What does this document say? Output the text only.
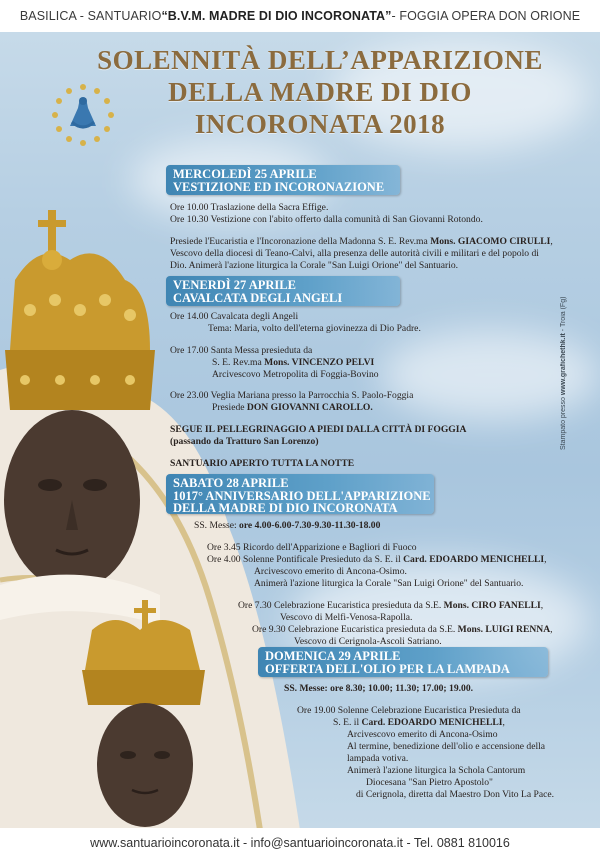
BASILICA - SANTUARIO “B.V.M. MADRE DI DIO INCORONATA” - FOGGIA OPERA DON ORIONE
SOLENNITÀ DELL’APPARIZIONE
DELLA MADRE DI DIO
INCORONATA 2018
MERCOLEDÌ 25 APRILE
VESTIZIONE ED INCORONAZIONE
Ore 10.00 Traslazione della Sacra Effige.
Ore 10.30 Vestizione con l'abito offerto dalla comunità di San Giovanni Rotondo.
Presiede l'Eucaristia e l'Incoronazione della Madonna S. E. Rev.ma Mons. GIACOMO CIRULLI,
Vescovo della diocesi di Teano-Calvi, alla presenza delle autorità civili e militari e del popolo di
Dio. Animerà l'azione liturgica la Corale "San Luigi Orione" del Santuario.
VENERDÌ 27 APRILE
CAVALCATA DEGLI ANGELI
Ore 14.00 Cavalcata degli Angeli
Tema: Maria, volto dell'eterna giovinezza di Dio Padre.
Ore 17.00 Santa Messa presieduta da
S. E. Rev.ma Mons. VINCENZO PELVI
Arcivescovo Metropolita di Foggia-Bovino
Ore 23.00 Veglia Mariana presso la Parrocchia S. Paolo-Foggia
Presiede DON GIOVANNI CAROLLO.
SEGUE IL PELLEGRINAGGIO A PIEDI DALLA CITTÀ DI FOGGIA
(passando da Tratturo San Lorenzo)
SANTUARIO APERTO TUTTA LA NOTTE
SABATO 28 APRILE
1017° ANNIVERSARIO DELL'APPARIZIONE
DELLA MADRE DI DIO INCORONATA
SS. Messe: ore 4.00-6.00-7.30-9.30-11.30-18.00
Ore 3.45 Ricordo dell'Apparizione e Bagliori di Fuoco
Ore 4.00 Solenne Pontificale Presieduto da S. E. il Card. EDOARDO MENICHELLI,
Arcivescovo emerito di Ancona-Osimo.
Animerà l'azione liturgica la Corale "San Luigi Orione" del Santuario.
Ore 7.30 Celebrazione Eucaristica presieduta da S.E. Mons. CIRO FANELLI,
Vescovo di Melfi-Venosa-Rapolla.
Ore 9.30 Celebrazione Eucaristica presieduta da S.E. Mons. LUIGI RENNA,
Vescovo di Cerignola-Ascoli Satriano.
DOMENICA 29 APRILE
OFFERTA DELL'OLIO PER LA LAMPADA
SS. Messe: ore 8.30; 10.00; 11.30; 17.00; 19.00.
Ore 19.00 Solenne Celebrazione Eucaristica Presieduta da
S. E. il Card. EDOARDO MENICHELLI,
Arcivescovo emerito di Ancona-Osimo
Al termine, benedizione dell'olio e accensione della
lampada votiva.
Animerà l'azione liturgica la Schola Cantorum
Diocesana "San Pietro Apostolo"
di Cerignola, diretta dal Maestro Don Vito La Pace.
Stampato presso www.grafichethk.it - Troia (Fg)
www.santuarioincoronata.it - info@santuarioincoronata.it - Tel. 0881 810016
